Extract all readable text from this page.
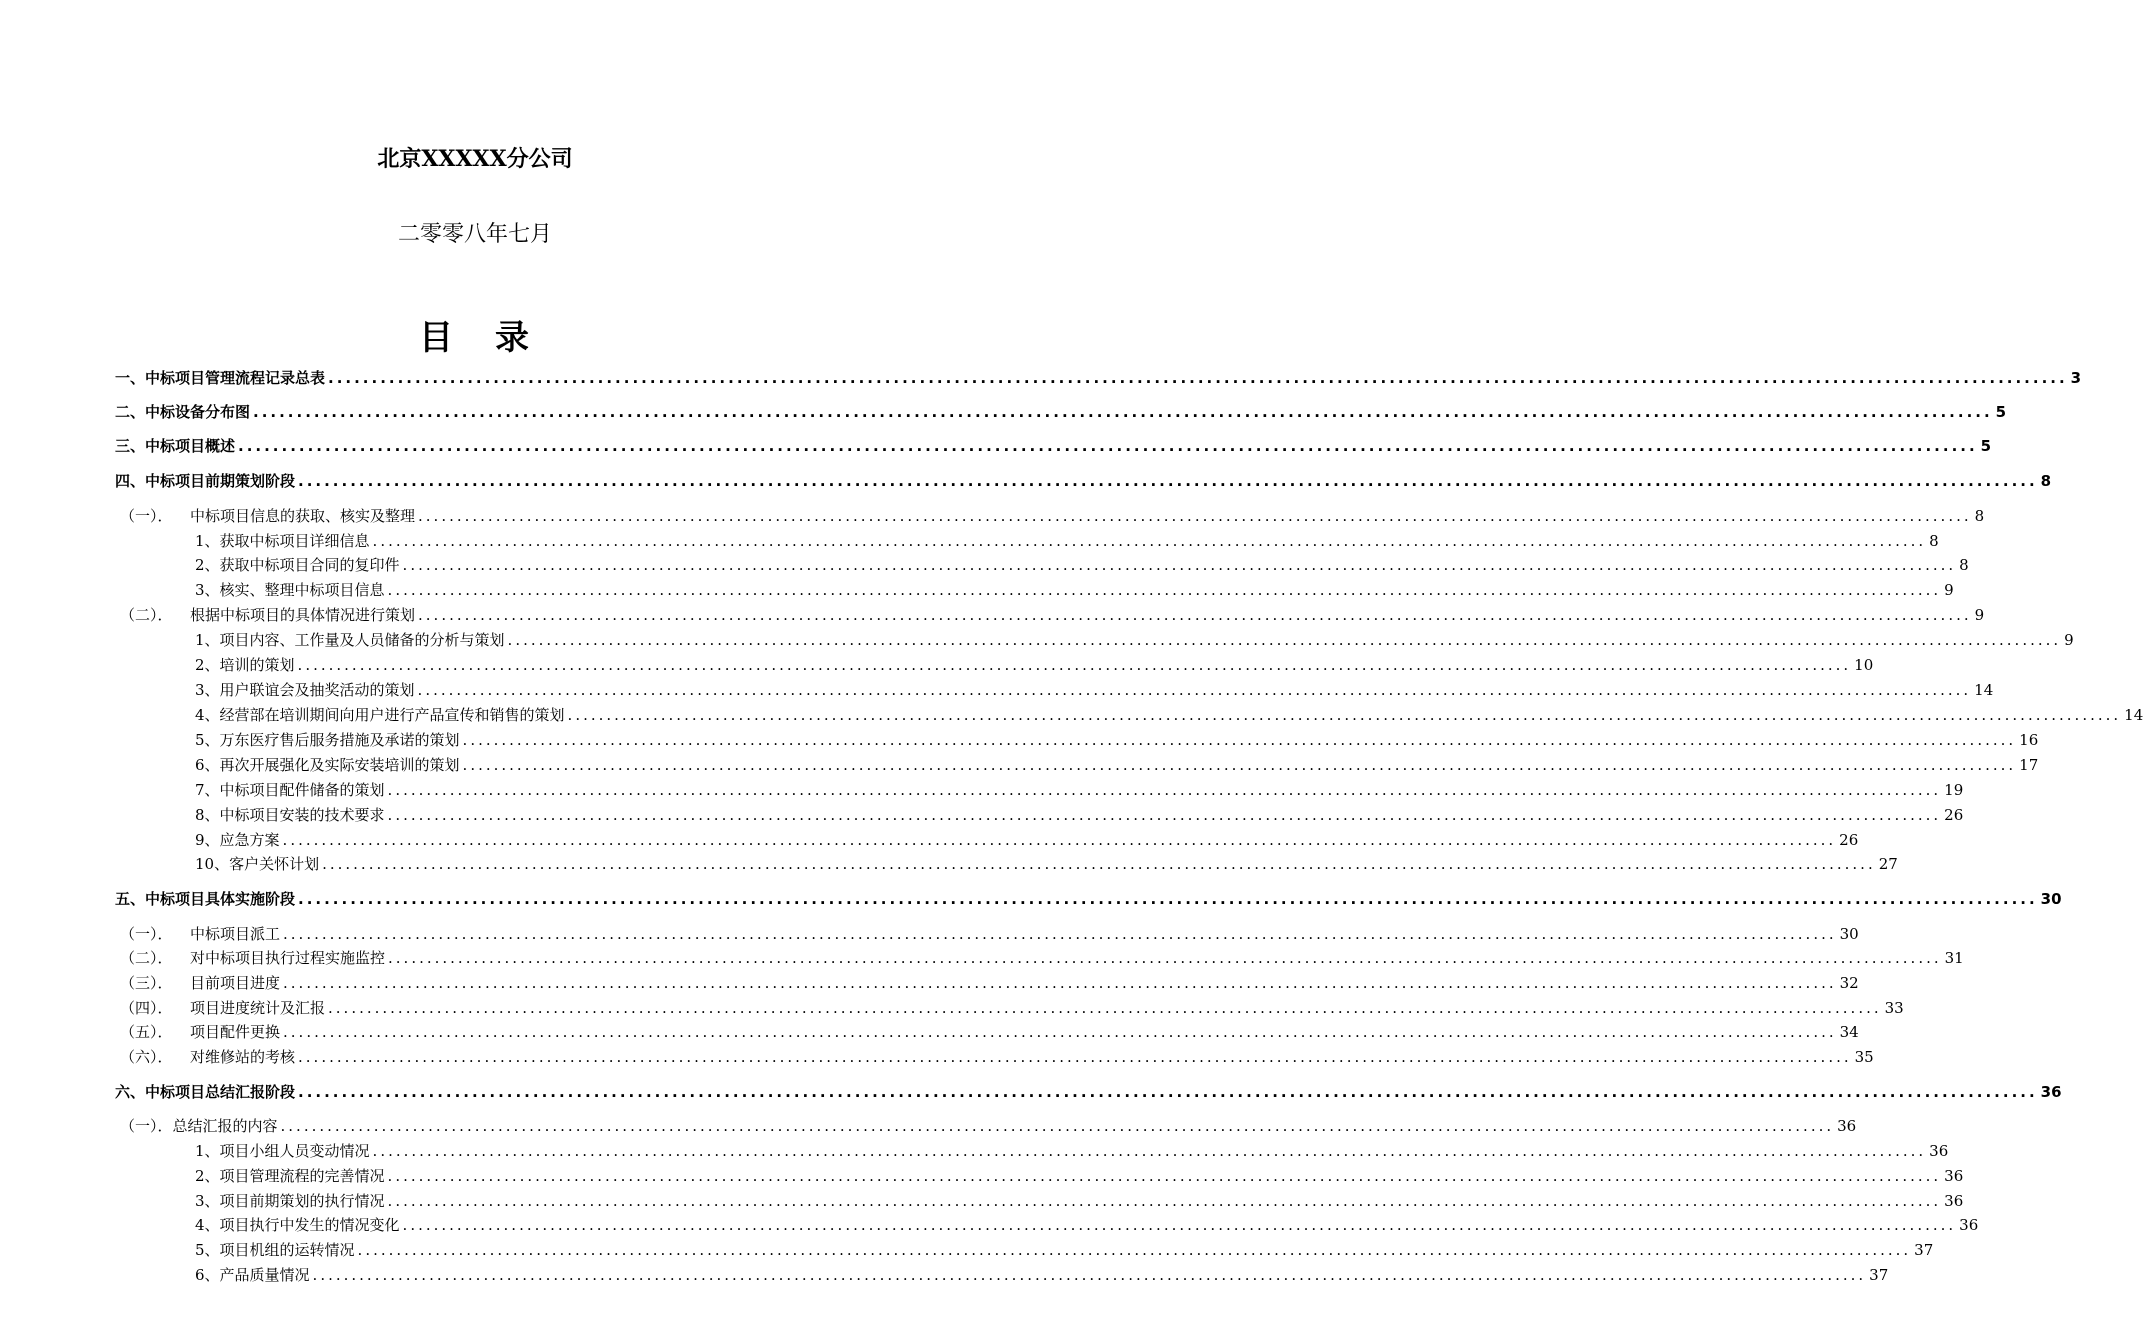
北京XXXXX分公司
二零零八年七月
目 录
一、中标项目管理流程记录总表 ........................................................................................................................................................................................................ 3
二、中标设备分布图 ........................................................................................................................................................................................................ 5
三、中标项目概述 ........................................................................................................................................................................................................ 5
四、中标项目前期策划阶段 ........................................................................................................................................................................................................ 8
（一）．	中标项目信息的获取、核实及整理 ........................................................................................................................................................................................................ 8
1、获取中标项目详细信息 ........................................................................................................................................................................................................ 8
2、获取中标项目合同的复印件 ........................................................................................................................................................................................................ 8
3、核实、整理中标项目信息 ........................................................................................................................................................................................................ 9
（二）．	根据中标项目的具体情况进行策划 ........................................................................................................................................................................................................ 9
1、项目内容、工作量及人员储备的分析与策划 ........................................................................................................................................................................................................ 9
2、培训的策划 ........................................................................................................................................................................................................ 10
3、用户联谊会及抽奖活动的策划 ........................................................................................................................................................................................................ 14
4、经营部在培训期间向用户进行产品宣传和销售的策划 ........................................................................................................................................................................................................ 14
5、万东医疗售后服务措施及承诺的策划 ........................................................................................................................................................................................................ 16
6、再次开展强化及实际安装培训的策划 ........................................................................................................................................................................................................ 17
7、中标项目配件储备的策划 ........................................................................................................................................................................................................ 19
8、中标项目安装的技术要求 ........................................................................................................................................................................................................ 26
9、应急方案 ........................................................................................................................................................................................................ 26
10、客户关怀计划 ........................................................................................................................................................................................................ 27
五、中标项目具体实施阶段 ........................................................................................................................................................................................................ 30
（一）．	中标项目派工 ........................................................................................................................................................................................................ 30
（二）．	对中标项目执行过程实施监控 ........................................................................................................................................................................................................ 31
（三）．	目前项目进度 ........................................................................................................................................................................................................ 32
（四）．	项目进度统计及汇报 ........................................................................................................................................................................................................ 33
（五）．	项目配件更换 ........................................................................................................................................................................................................ 34
（六）．	对维修站的考核 ........................................................................................................................................................................................................ 35
六、中标项目总结汇报阶段 ........................................................................................................................................................................................................ 36
（一）．总结汇报的内容 ........................................................................................................................................................................................................ 36
1、项目小组人员变动情况 ........................................................................................................................................................................................................ 36
2、项目管理流程的完善情况 ........................................................................................................................................................................................................ 36
3、项目前期策划的执行情况 ........................................................................................................................................................................................................ 36
4、项目执行中发生的情况变化 ........................................................................................................................................................................................................ 36
5、项目机组的运转情况 ........................................................................................................................................................................................................ 37
6、产品质量情况 ........................................................................................................................................................................................................ 37
